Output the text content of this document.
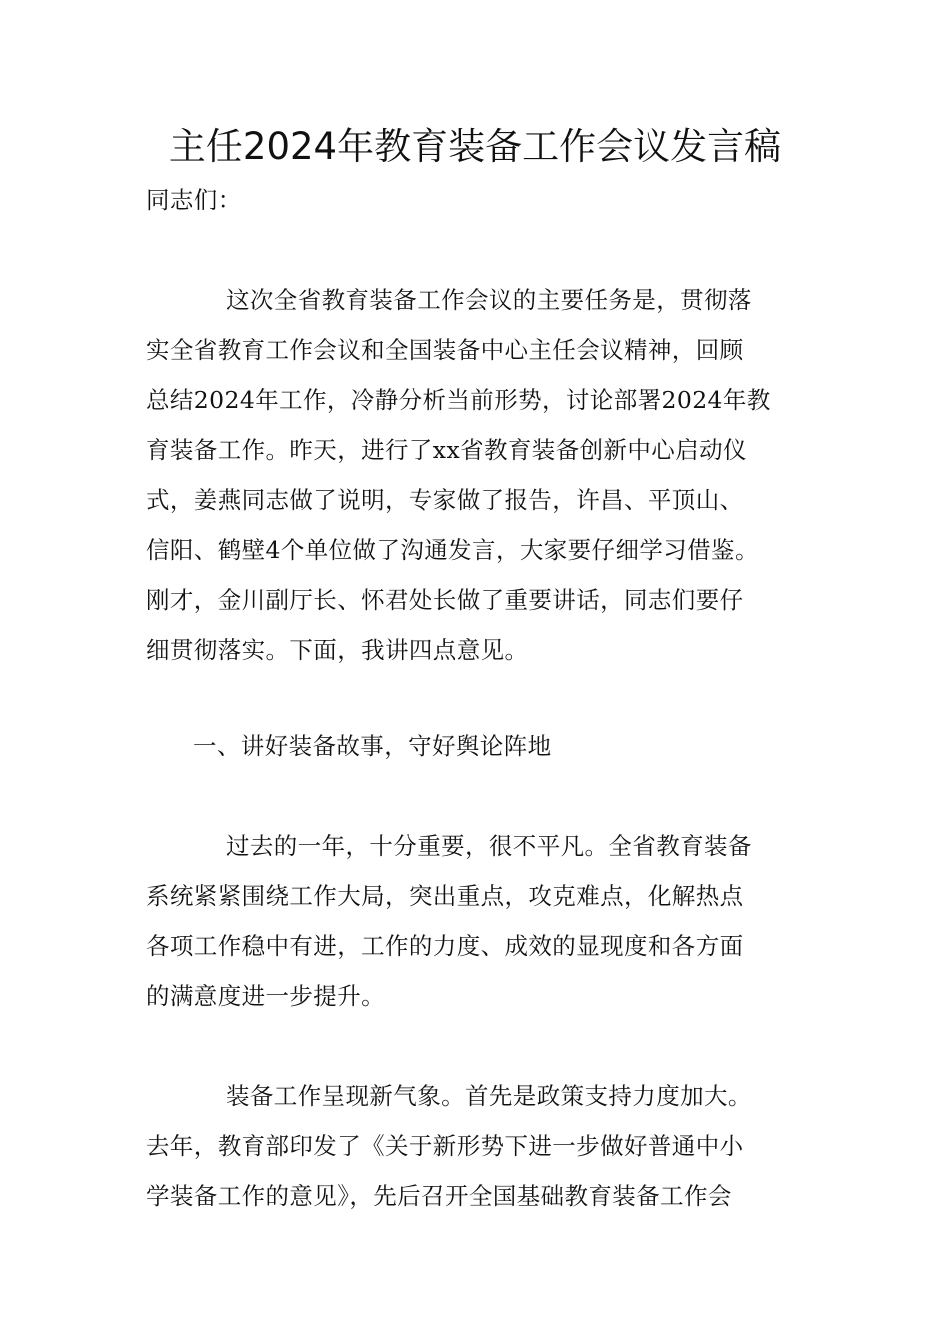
主任2024年教育装备工作会议发言稿

同志们：

这次全省教育装备工作会议的主要任务是，贯彻落

实全省教育工作会议和全国装备中心主任会议精神，回顾

总结2024年工作，冷静分析当前形势，讨论部署2024年教

育装备工作。昨天，进行了xx省教育装备创新中心启动仪

式，姜燕同志做了说明，专家做了报告，许昌、平顶山、

信阳、鹤壁4个单位做了沟通发言，大家要仔细学习借鉴。

刚才，金川副厅长、怀君处长做了重要讲话，同志们要仔

细贯彻落实。下面，我讲四点意见。

一、讲好装备故事，守好舆论阵地

过去的一年，十分重要，很不平凡。全省教育装备

系统紧紧围绕工作大局，突出重点，攻克难点，化解热点

各项工作稳中有进，工作的力度、成效的显现度和各方面

的满意度进一步提升。

装备工作呈现新气象。首先是政策支持力度加大。

去年，教育部印发了《关于新形势下进一步做好普通中小

学装备工作的意见》，先后召开全国基础教育装备工作会
